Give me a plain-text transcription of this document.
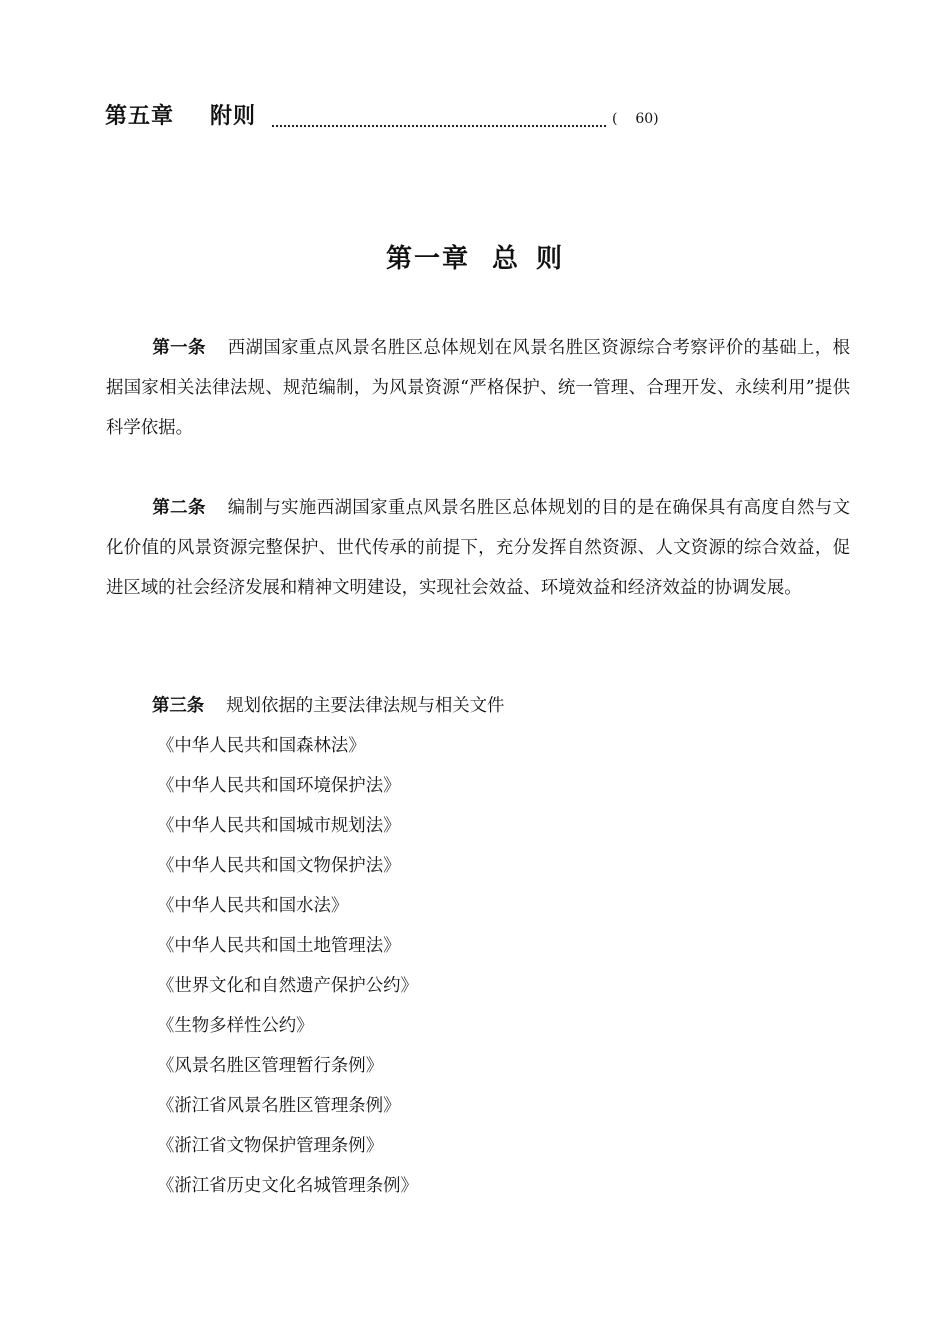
第五章 附则	( 60)
第一章 总 则

第一条 西湖国家重点风景名胜区总体规划在风景名胜区资源综合考察评价的基础上，根据国家相关法律法规、规范编制，为风景资源“严格保护、统一管理、合理开发、永续利用”提供科学依据。

第二条 编制与实施西湖国家重点风景名胜区总体规划的目的是在确保具有高度自然与文化价值的风景资源完整保护、世代传承的前提下，充分发挥自然资源、人文资源的综合效益，促进区域的社会经济发展和精神文明建设，实现社会效益、环境效益和经济效益的协调发展。

第三条 规划依据的主要法律法规与相关文件

《中华人民共和国森林法》
《中华人民共和国环境保护法》
《中华人民共和国城市规划法》
《中华人民共和国文物保护法》
《中华人民共和国水法》
《中华人民共和国土地管理法》
《世界文化和自然遗产保护公约》
《生物多样性公约》
《风景名胜区管理暂行条例》
《浙江省风景名胜区管理条例》
《浙江省文物保护管理条例》
《浙江省历史文化名城管理条例》
